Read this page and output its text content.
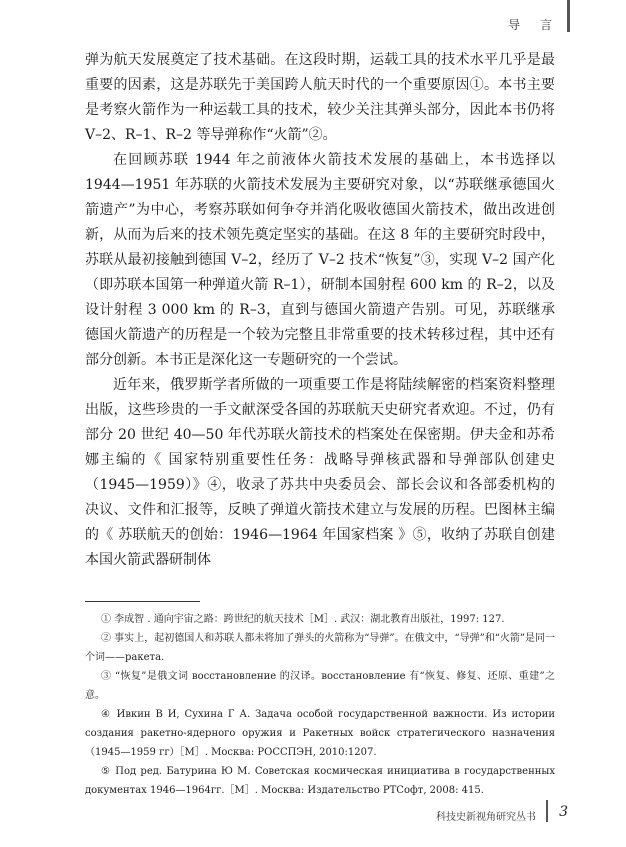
导 言

弹为航天发展奠定了技术基础。在这段时期，运载工具的技术水平几乎是最重要的因素，这是苏联先于美国跨人航天时代的一个重要原因①。本书主要是考察火箭作为一种运载工具的技术，较少关注其弹头部分，因此本书仍将V–2、R–1、R–2 等导弹称作“火箭”②。

在回顾苏联 1944 年之前液体火箭技术发展的基础上，本书选择以1944—1951 年苏联的火箭技术发展为主要研究对象，以“苏联继承德国火箭遗产”为中心，考察苏联如何争夺并消化吸收德国火箭技术，做出改进创新，从而为后来的技术领先奠定坚实的基础。在这 8 年的主要研究时段中，苏联从最初接触到德国 V–2，经历了 V–2 技术“恢复”③，实现 V–2 国产化（即苏联本国第一种弹道火箭 R–1），研制本国射程 600 km 的 R–2，以及设计射程 3 000 km 的 R–3，直到与德国火箭遗产告别。可见，苏联继承德国火箭遗产的历程是一个较为完整且非常重要的技术转移过程，其中还有部分创新。本书正是深化这一专题研究的一个尝试。

近年来，俄罗斯学者所做的一项重要工作是将陆续解密的档案资料整理出版，这些珍贵的一手文献深受各国的苏联航天史研究者欢迎。不过，仍有部分 20 世纪 40—50 年代苏联火箭技术的档案处在保密期。伊夫金和苏希娜主编的《 国家特别重要性任务：战略导弹核武器和导弹部队创建史（1945—1959）》④，收录了苏共中央委员会、部长会议和各部委机构的决议、文件和汇报等，反映了弹道火箭技术建立与发展的历程。巴图林主编的《 苏联航天的创始：1946—1964 年国家档案 》⑤，收纳了苏联自创建本国火箭武器研制体

① 李成智 . 通向宇宙之路：跨世纪的航天技术［M］. 武汉：湖北教育出版社，1997: 127.

② 事实上，起初德国人和苏联人都未将加了弹头的火箭称为“导弹”。在俄文中，“导弹”和“火箭”是同一个词——ракета.

③ “恢复”是俄文词 восстановление 的汉译。восстановление 有“恢复、修复、还原、重建”之意。

④ Ивкин В И, Сухина Г А. Задача особой государственной важности. Из истории создания ракетно-ядерного оружия и Ракетных войск стратегического назначения（1945—1959 гг）［M］. Москва: РОССПЭН, 2010:1207.

⑤ Под ред. Батурина Ю М. Советская космическая инициатива в государственных документах 1946—1964гг.［M］. Москва: Издательство РТСофт, 2008: 415.

科技史新视角研究丛书 3
